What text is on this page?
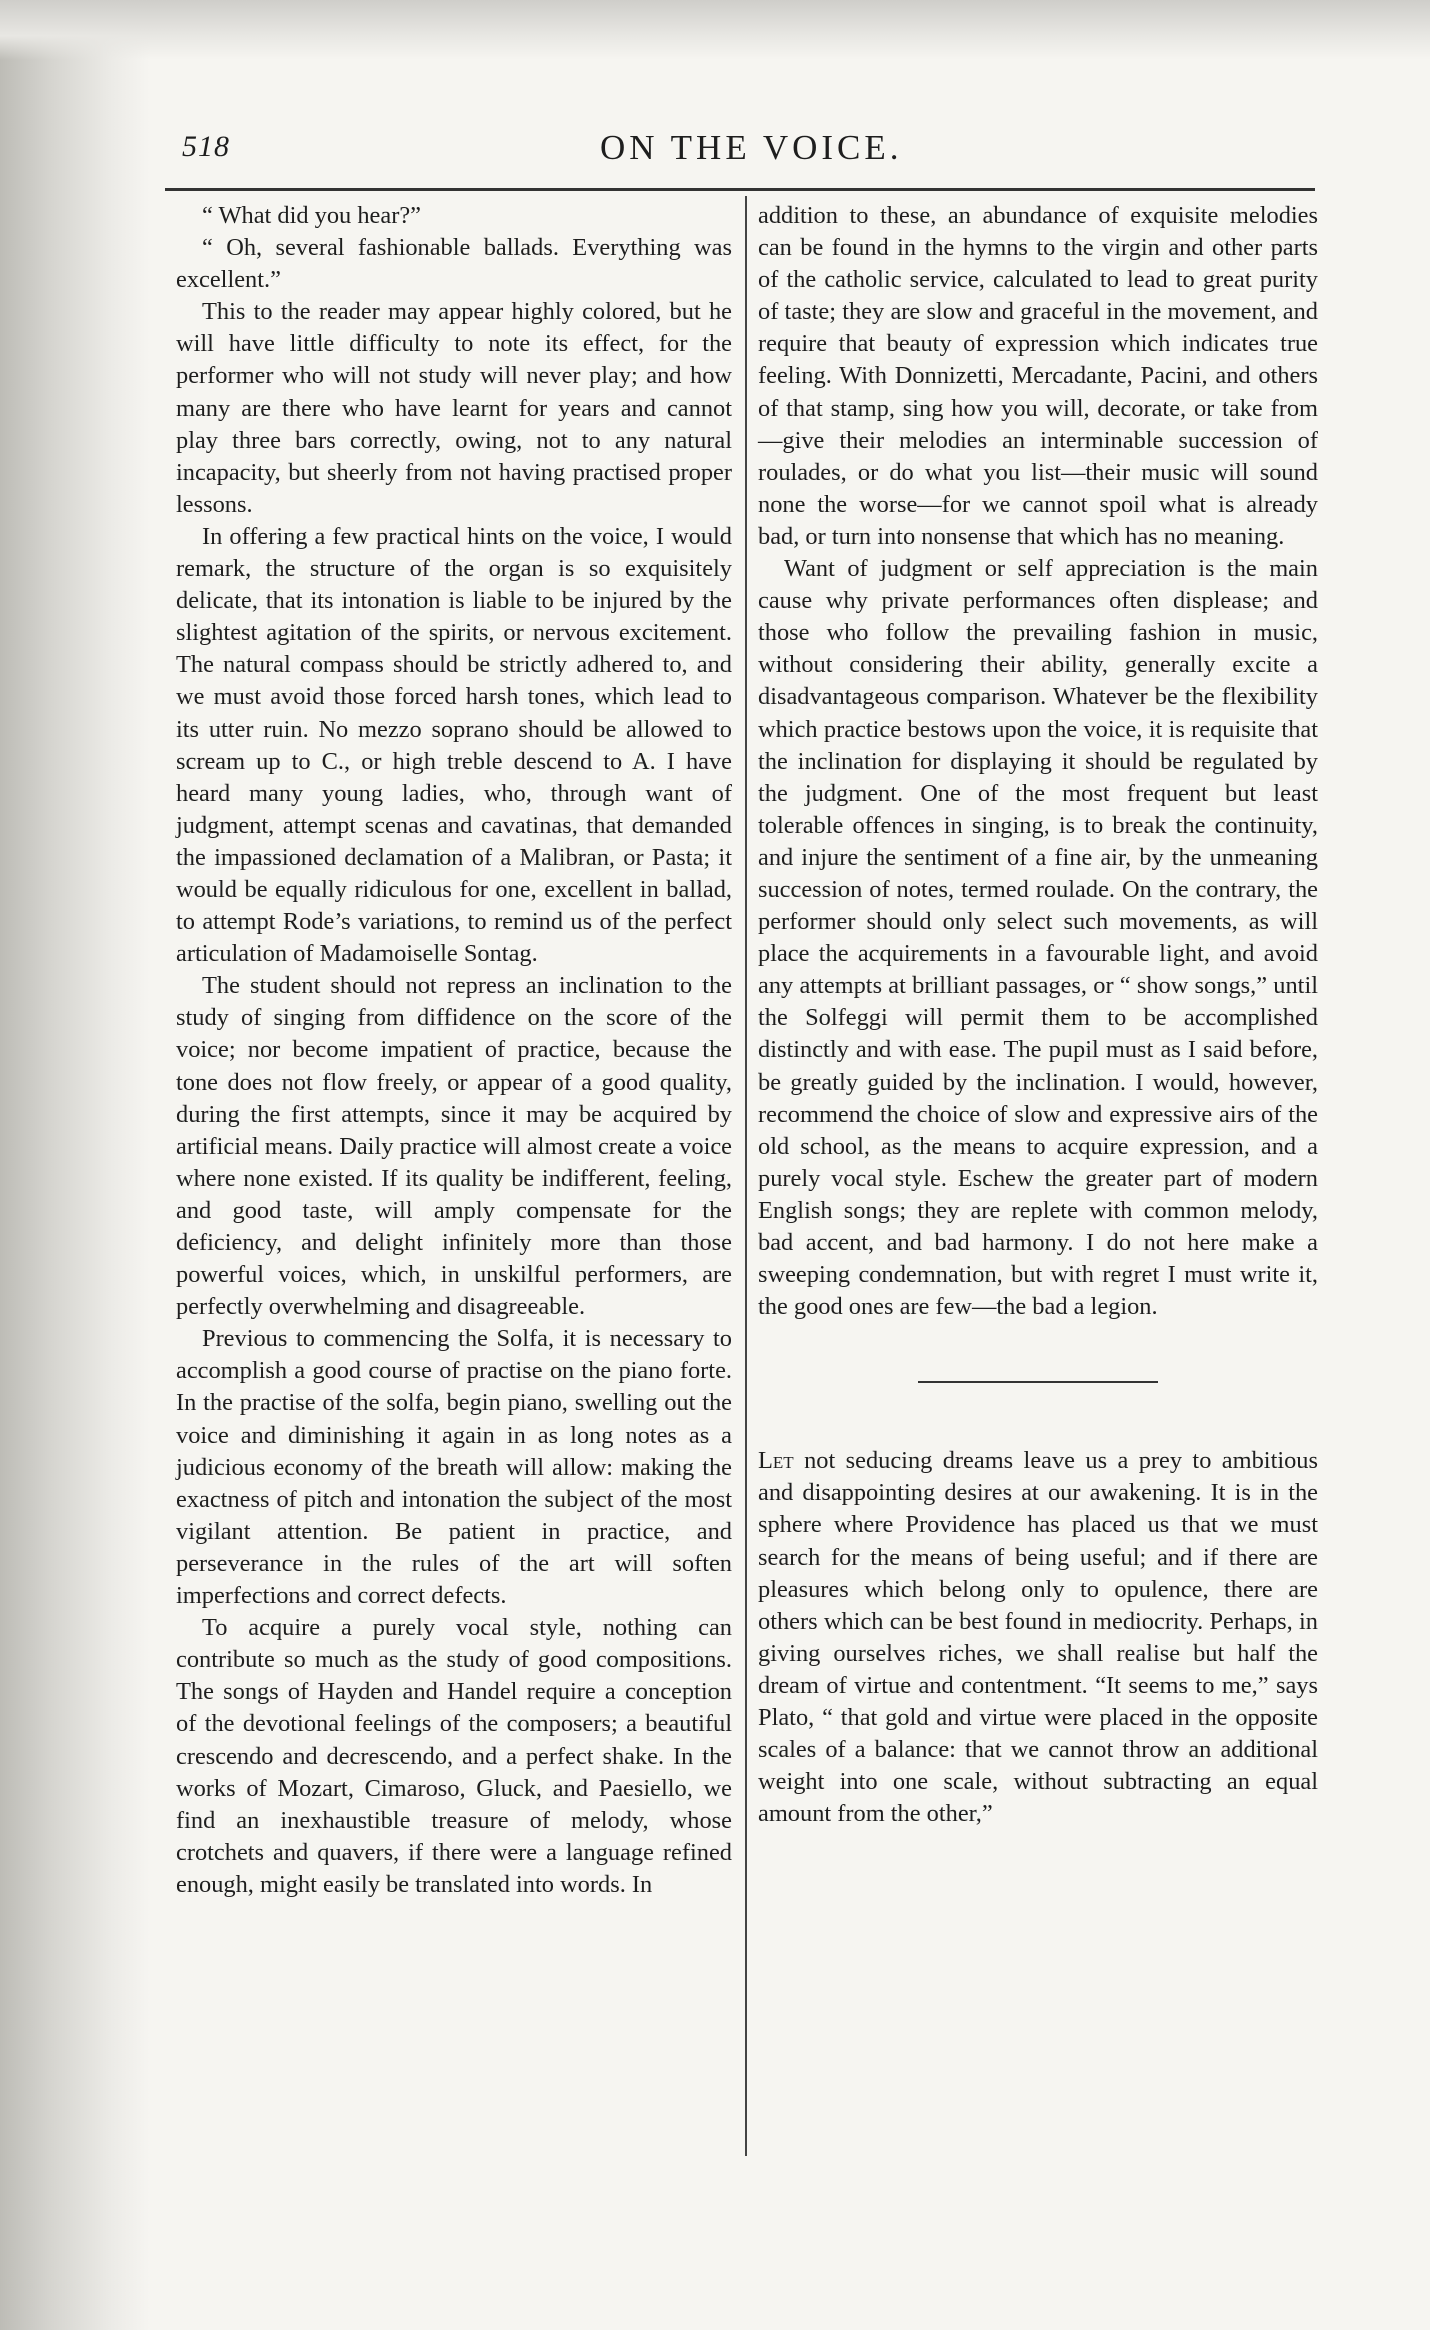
518	ON THE VOICE.

“ What did you hear?”

“ Oh, several fashionable ballads. Everything was excellent.”

This to the reader may appear highly colored, but he will have little difficulty to note its effect, for the performer who will not study will never play; and how many are there who have learnt for years and cannot play three bars correctly, owing, not to any natural incapacity, but sheerly from not having practised proper lessons.

In offering a few practical hints on the voice, I would remark, the structure of the organ is so exquisitely delicate, that its intonation is liable to be injured by the slightest agitation of the spirits, or nervous excitement. The natural compass should be strictly adhered to, and we must avoid those forced harsh tones, which lead to its utter ruin. No mezzo soprano should be allowed to scream up to C., or high treble descend to A. I have heard many young ladies, who, through want of judgment, attempt scenas and cavatinas, that demanded the impassioned declamation of a Malibran, or Pasta; it would be equally ridiculous for one, excellent in ballad, to attempt Rode’s variations, to remind us of the perfect articulation of Madamoiselle Sontag.

The student should not repress an inclination to the study of singing from diffidence on the score of the voice; nor become impatient of practice, because the tone does not flow freely, or appear of a good quality, during the first attempts, since it may be acquired by artificial means. Daily practice will almost create a voice where none existed. If its quality be indifferent, feeling, and good taste, will amply compensate for the deficiency, and delight infinitely more than those powerful voices, which, in unskilful performers, are perfectly overwhelming and disagreeable.

Previous to commencing the Solfa, it is necessary to accomplish a good course of practise on the piano forte. In the practise of the solfa, begin piano, swelling out the voice and diminishing it again in as long notes as a judicious economy of the breath will allow: making the exactness of pitch and intonation the subject of the most vigilant attention. Be patient in practice, and perseverance in the rules of the art will soften imperfections and correct defects.

To acquire a purely vocal style, nothing can contribute so much as the study of good compositions. The songs of Hayden and Handel require a conception of the devotional feelings of the composers; a beautiful crescendo and decrescendo, and a perfect shake. In the works of Mozart, Cimaroso, Gluck, and Paesiello, we find an inexhaustible treasure of melody, whose crotchets and quavers, if there were a language refined enough, might easily be translated into words. In

addition to these, an abundance of exquisite melodies can be found in the hymns to the virgin and other parts of the catholic service, calculated to lead to great purity of taste; they are slow and graceful in the movement, and require that beauty of expression which indicates true feeling. With Donnizetti, Mercadante, Pacini, and others of that stamp, sing how you will, decorate, or take from—give their melodies an interminable succession of roulades, or do what you list—their music will sound none the worse—for we cannot spoil what is already bad, or turn into nonsense that which has no meaning.

Want of judgment or self appreciation is the main cause why private performances often displease; and those who follow the prevailing fashion in music, without considering their ability, generally excite a disadvantageous comparison. Whatever be the flexibility which practice bestows upon the voice, it is requisite that the inclination for displaying it should be regulated by the judgment. One of the most frequent but least tolerable offences in singing, is to break the continuity, and injure the sentiment of a fine air, by the unmeaning succession of notes, termed roulade. On the contrary, the performer should only select such movements, as will place the acquirements in a favourable light, and avoid any attempts at brilliant passages, or “ show songs,” until the Solfeggi will permit them to be accomplished distinctly and with ease. The pupil must as I said before, be greatly guided by the inclination. I would, however, recommend the choice of slow and expressive airs of the old school, as the means to acquire expression, and a purely vocal style. Eschew the greater part of modern English songs; they are replete with common melody, bad accent, and bad harmony. I do not here make a sweeping condemnation, but with regret I must write it, the good ones are few—the bad a legion.

Let not seducing dreams leave us a prey to ambitious and disappointing desires at our awakening. It is in the sphere where Providence has placed us that we must search for the means of being useful; and if there are pleasures which belong only to opulence, there are others which can be best found in mediocrity. Perhaps, in giving ourselves riches, we shall realise but half the dream of virtue and contentment. “It seems to me,” says Plato, “ that gold and virtue were placed in the opposite scales of a balance: that we cannot throw an additional weight into one scale, without subtracting an equal amount from the other,”
